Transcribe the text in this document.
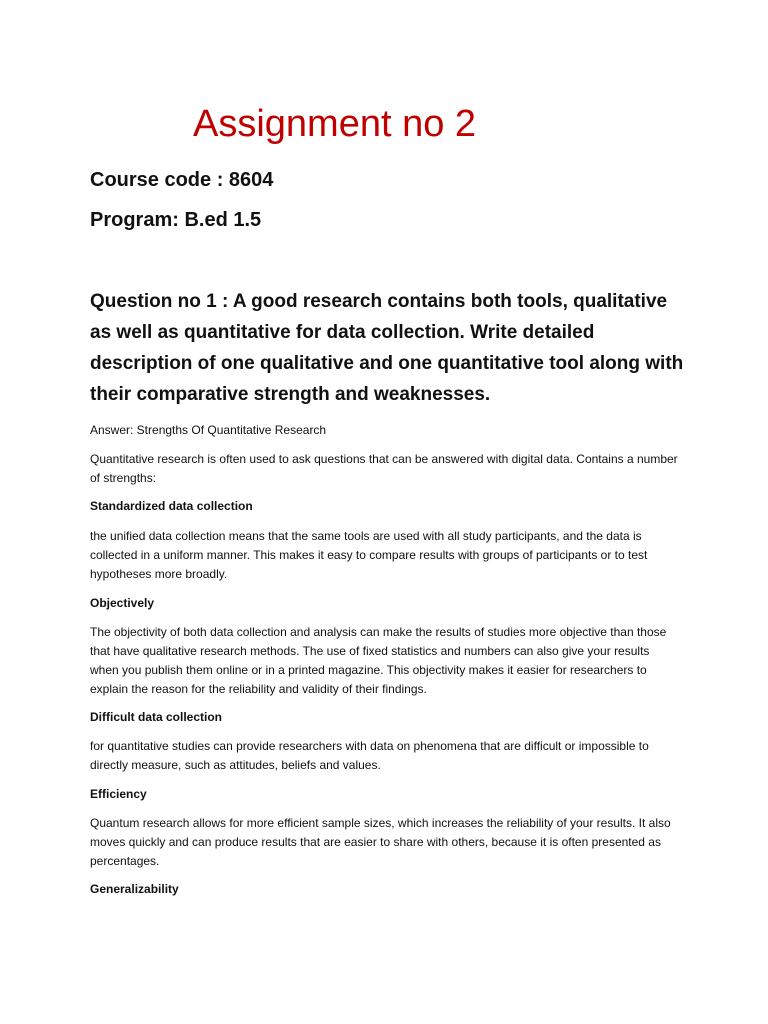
Assignment no 2

Course code : 8604

Program: B.ed 1.5

Question no 1 : A good research contains both tools, qualitative as well as quantitative for data collection. Write detailed description of one qualitative and one quantitative tool along with their comparative strength and weaknesses.

Answer: Strengths Of Quantitative Research

Quantitative research is often used to ask questions that can be answered with digital data. Contains a number of strengths:

Standardized data collection

the unified data collection means that the same tools are used with all study participants, and the data is collected in a uniform manner. This makes it easy to compare results with groups of participants or to test hypotheses more broadly.

Objectively

The objectivity of both data collection and analysis can make the results of studies more objective than those that have qualitative research methods. The use of fixed statistics and numbers can also give your results when you publish them online or in a printed magazine. This objectivity makes it easier for researchers to explain the reason for the reliability and validity of their findings.

Difficult data collection

for quantitative studies can provide researchers with data on phenomena that are difficult or impossible to directly measure, such as attitudes, beliefs and values.

Efficiency

Quantum research allows for more efficient sample sizes, which increases the reliability of your results. It also moves quickly and can produce results that are easier to share with others, because it is often presented as percentages.

Generalizability
